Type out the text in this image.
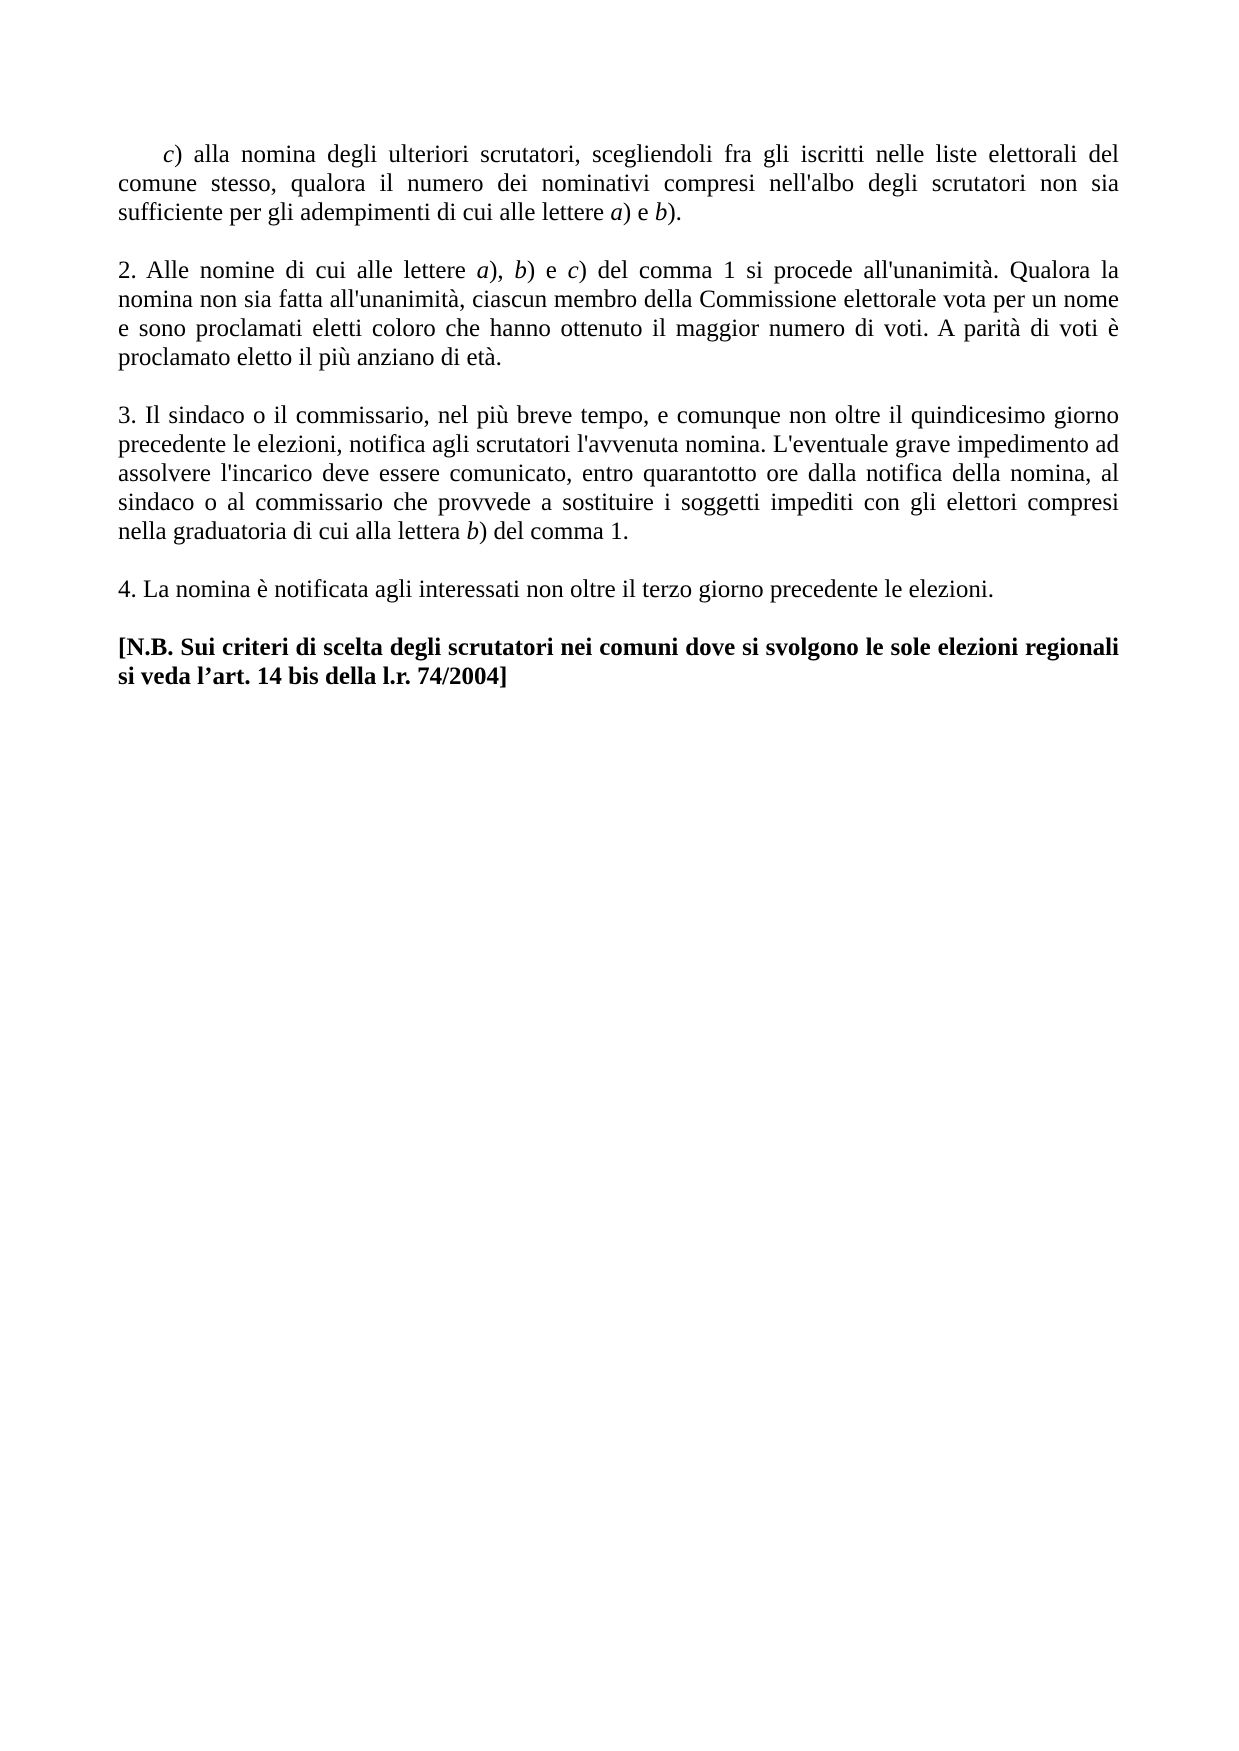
c) alla nomina degli ulteriori scrutatori, scegliendoli fra gli iscritti nelle liste elettorali del comune stesso, qualora il numero dei nominativi compresi nell'albo degli scrutatori non sia sufficiente per gli adempimenti di cui alle lettere a) e b).

2. Alle nomine di cui alle lettere a), b) e c) del comma 1 si procede all'unanimità. Qualora la nomina non sia fatta all'unanimità, ciascun membro della Commissione elettorale vota per un nome e sono proclamati eletti coloro che hanno ottenuto il maggior numero di voti. A parità di voti è proclamato eletto il più anziano di età.

3. Il sindaco o il commissario, nel più breve tempo, e comunque non oltre il quindicesimo giorno precedente le elezioni, notifica agli scrutatori l'avvenuta nomina. L'eventuale grave impedimento ad assolvere l'incarico deve essere comunicato, entro quarantotto ore dalla notifica della nomina, al sindaco o al commissario che provvede a sostituire i soggetti impediti con gli elettori compresi nella graduatoria di cui alla lettera b) del comma 1.

4. La nomina è notificata agli interessati non oltre il terzo giorno precedente le elezioni.

[N.B. Sui criteri di scelta degli scrutatori nei comuni dove si svolgono le sole elezioni regionali si veda l’art. 14 bis della l.r. 74/2004]
